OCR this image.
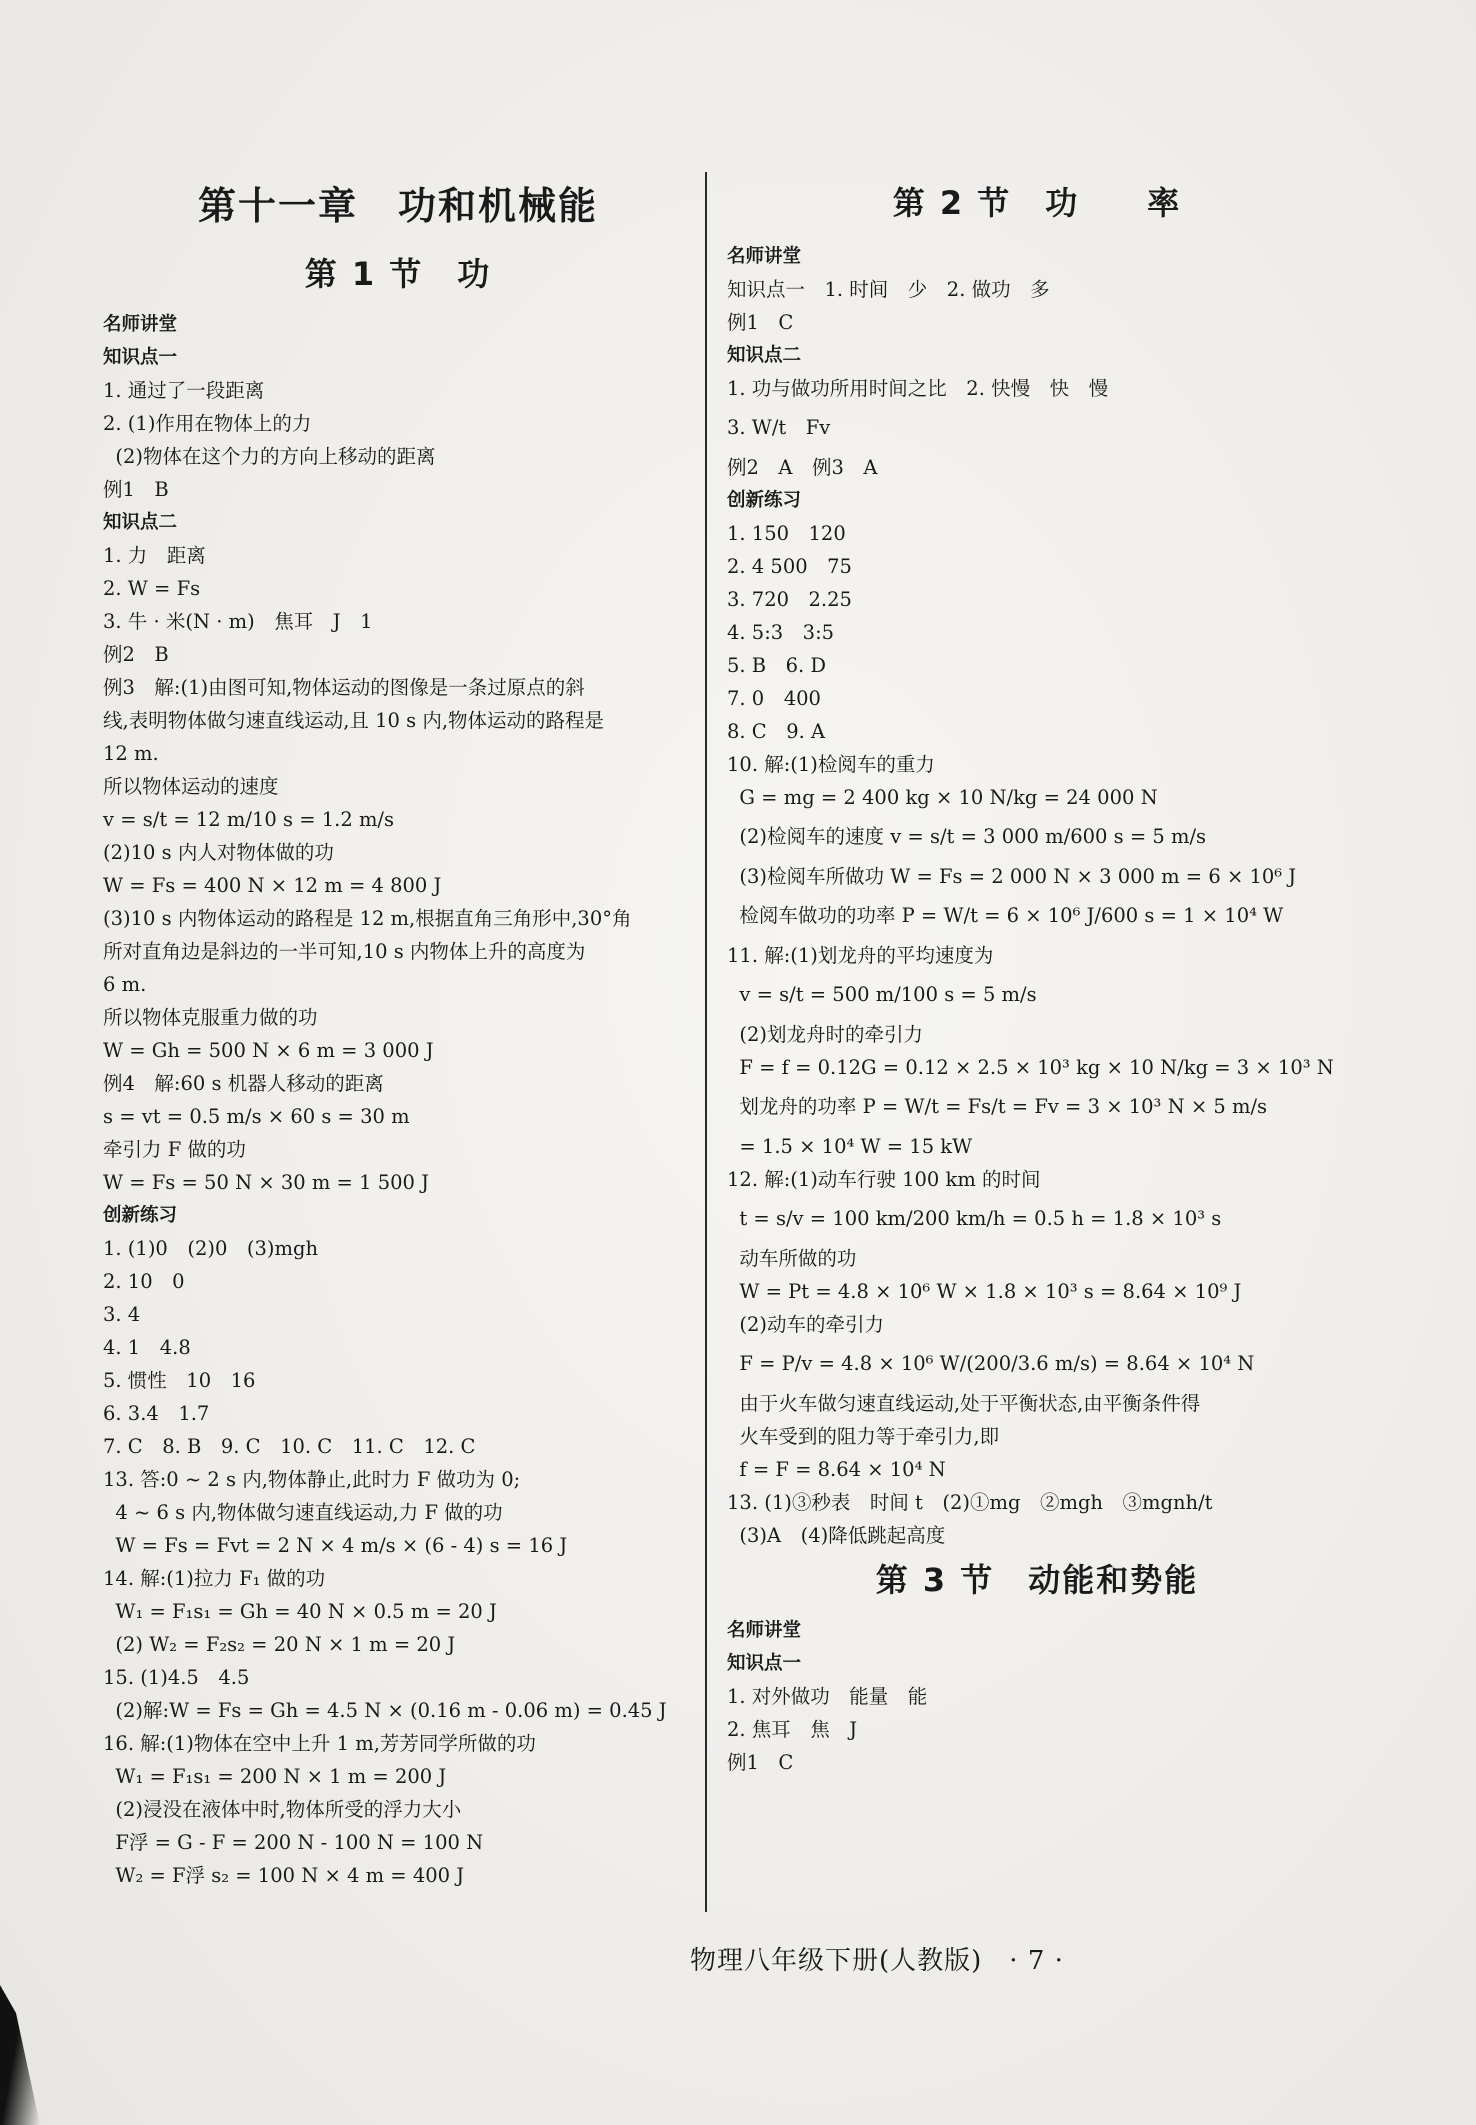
第十一章　功和机械能
第 1 节　功
名师讲堂
知识点一
1. 通过了一段距离
2. (1)作用在物体上的力
(2)物体在这个力的方向上移动的距离
例1　B
知识点二
1. 力　距离
2. W = Fs
3. 牛 · 米(N · m)　焦耳　J　1
例2　B
例3　解:(1)由图可知,物体运动的图像是一条过原点的斜
线,表明物体做匀速直线运动,且 10 s 内,物体运动的路程是
12 m.
所以物体运动的速度
v = s/t = 12 m/10 s = 1.2 m/s
(2)10 s 内人对物体做的功
W = Fs = 400 N × 12 m = 4 800 J
(3)10 s 内物体运动的路程是 12 m,根据直角三角形中,30°角
所对直角边是斜边的一半可知,10 s 内物体上升的高度为
6 m.
所以物体克服重力做的功
W = Gh = 500 N × 6 m = 3 000 J
例4　解:60 s 机器人移动的距离
s = vt = 0.5 m/s × 60 s = 30 m
牵引力 F 做的功
W = Fs = 50 N × 30 m = 1 500 J
创新练习
1. (1)0　(2)0　(3)mgh
2. 10　0
3. 4
4. 1　4.8
5. 惯性　10　16
6. 3.4　1.7
7. C　8. B　9. C　10. C　11. C　12. C
13. 答:0 ~ 2 s 内,物体静止,此时力 F 做功为 0;
4 ~ 6 s 内,物体做匀速直线运动,力 F 做的功
W = Fs = Fvt = 2 N × 4 m/s × (6 - 4) s = 16 J
14. 解:(1)拉力 F₁ 做的功
W₁ = F₁s₁ = Gh = 40 N × 0.5 m = 20 J
(2) W₂ = F₂s₂ = 20 N × 1 m = 20 J
15. (1)4.5　4.5
(2)解:W = Fs = Gh = 4.5 N × (0.16 m - 0.06 m) = 0.45 J
16. 解:(1)物体在空中上升 1 m,芳芳同学所做的功
W₁ = F₁s₁ = 200 N × 1 m = 200 J
(2)浸没在液体中时,物体所受的浮力大小
F浮 = G - F = 200 N - 100 N = 100 N
W₂ = F浮 s₂ = 100 N × 4 m = 400 J
第 2 节　功　　率
名师讲堂
知识点一　1. 时间　少　2. 做功　多
例1　C
知识点二
1. 功与做功所用时间之比　2. 快慢　快　慢
3. W/t　Fv
例2　A　例3　A
创新练习
1. 150　120
2. 4 500　75
3. 720　2.25
4. 5:3　3:5
5. B　6. D
7. 0　400
8. C　9. A
10. 解:(1)检阅车的重力
G = mg = 2 400 kg × 10 N/kg = 24 000 N
(2)检阅车的速度 v = s/t = 3 000 m/600 s = 5 m/s
(3)检阅车所做功 W = Fs = 2 000 N × 3 000 m = 6 × 10⁶ J
检阅车做功的功率 P = W/t = 6 × 10⁶ J/600 s = 1 × 10⁴ W
11. 解:(1)划龙舟的平均速度为
v = s/t = 500 m/100 s = 5 m/s
(2)划龙舟时的牵引力
F = f = 0.12G = 0.12 × 2.5 × 10³ kg × 10 N/kg = 3 × 10³ N
划龙舟的功率 P = W/t = Fs/t = Fv = 3 × 10³ N × 5 m/s
= 1.5 × 10⁴ W = 15 kW
12. 解:(1)动车行驶 100 km 的时间
t = s/v = 100 km/200 km/h = 0.5 h = 1.8 × 10³ s
动车所做的功
W = Pt = 4.8 × 10⁶ W × 1.8 × 10³ s = 8.64 × 10⁹ J
(2)动车的牵引力
F = P/v = 4.8 × 10⁶ W/(200/3.6 m/s) = 8.64 × 10⁴ N
由于火车做匀速直线运动,处于平衡状态,由平衡条件得
火车受到的阻力等于牵引力,即
f = F = 8.64 × 10⁴ N
13. (1)③秒表　时间 t　(2)①mg　②mgh　③mgnh/t
(3)A　(4)降低跳起高度
第 3 节　动能和势能
名师讲堂
知识点一
1. 对外做功　能量　能
2. 焦耳　焦　J
例1　C
物理八年级下册(人教版)　· 7 ·
